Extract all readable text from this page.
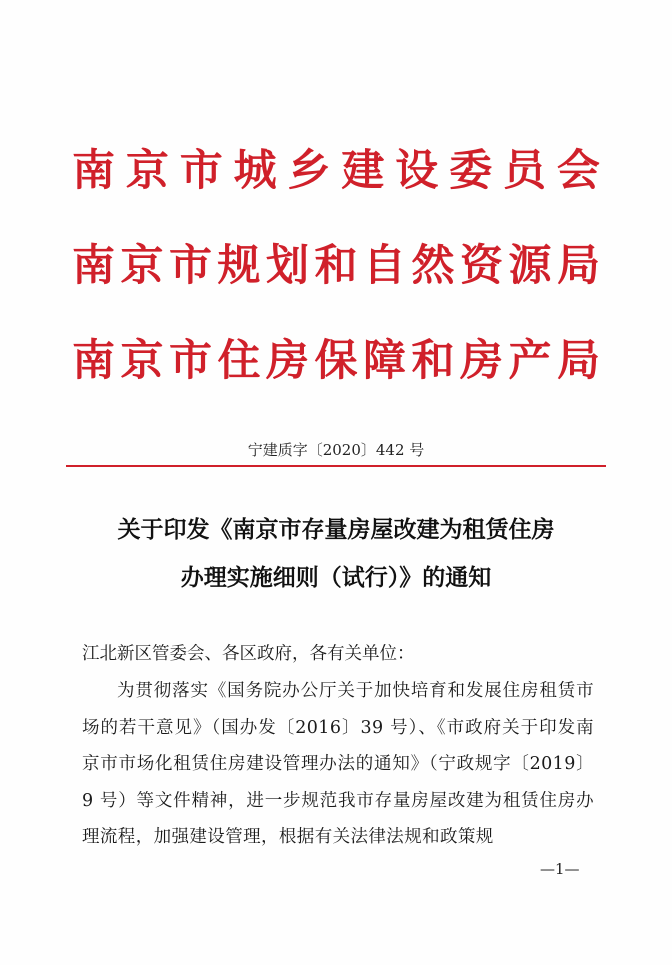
南 京 市 城 乡 建 设 委 员 会
南 京 市 规 划 和 自 然 资 源 局
南 京 市 住 房 保 障 和 房 产 局
宁建质字〔2020〕442 号
关于印发《南京市存量房屋改建为租赁住房
办理实施细则（试行）》的通知
江北新区管委会、各区政府，各有关单位：
为贯彻落实《国务院办公厅关于加快培育和发展住房租赁市场的若干意见》（国办发〔2016〕39 号）、《市政府关于印发南京市市场化租赁住房建设管理办法的通知》（宁政规字〔2019〕9 号）等文件精神，进一步规范我市存量房屋改建为租赁住房办理流程，加强建设管理，根据有关法律法规和政策规
—1—
